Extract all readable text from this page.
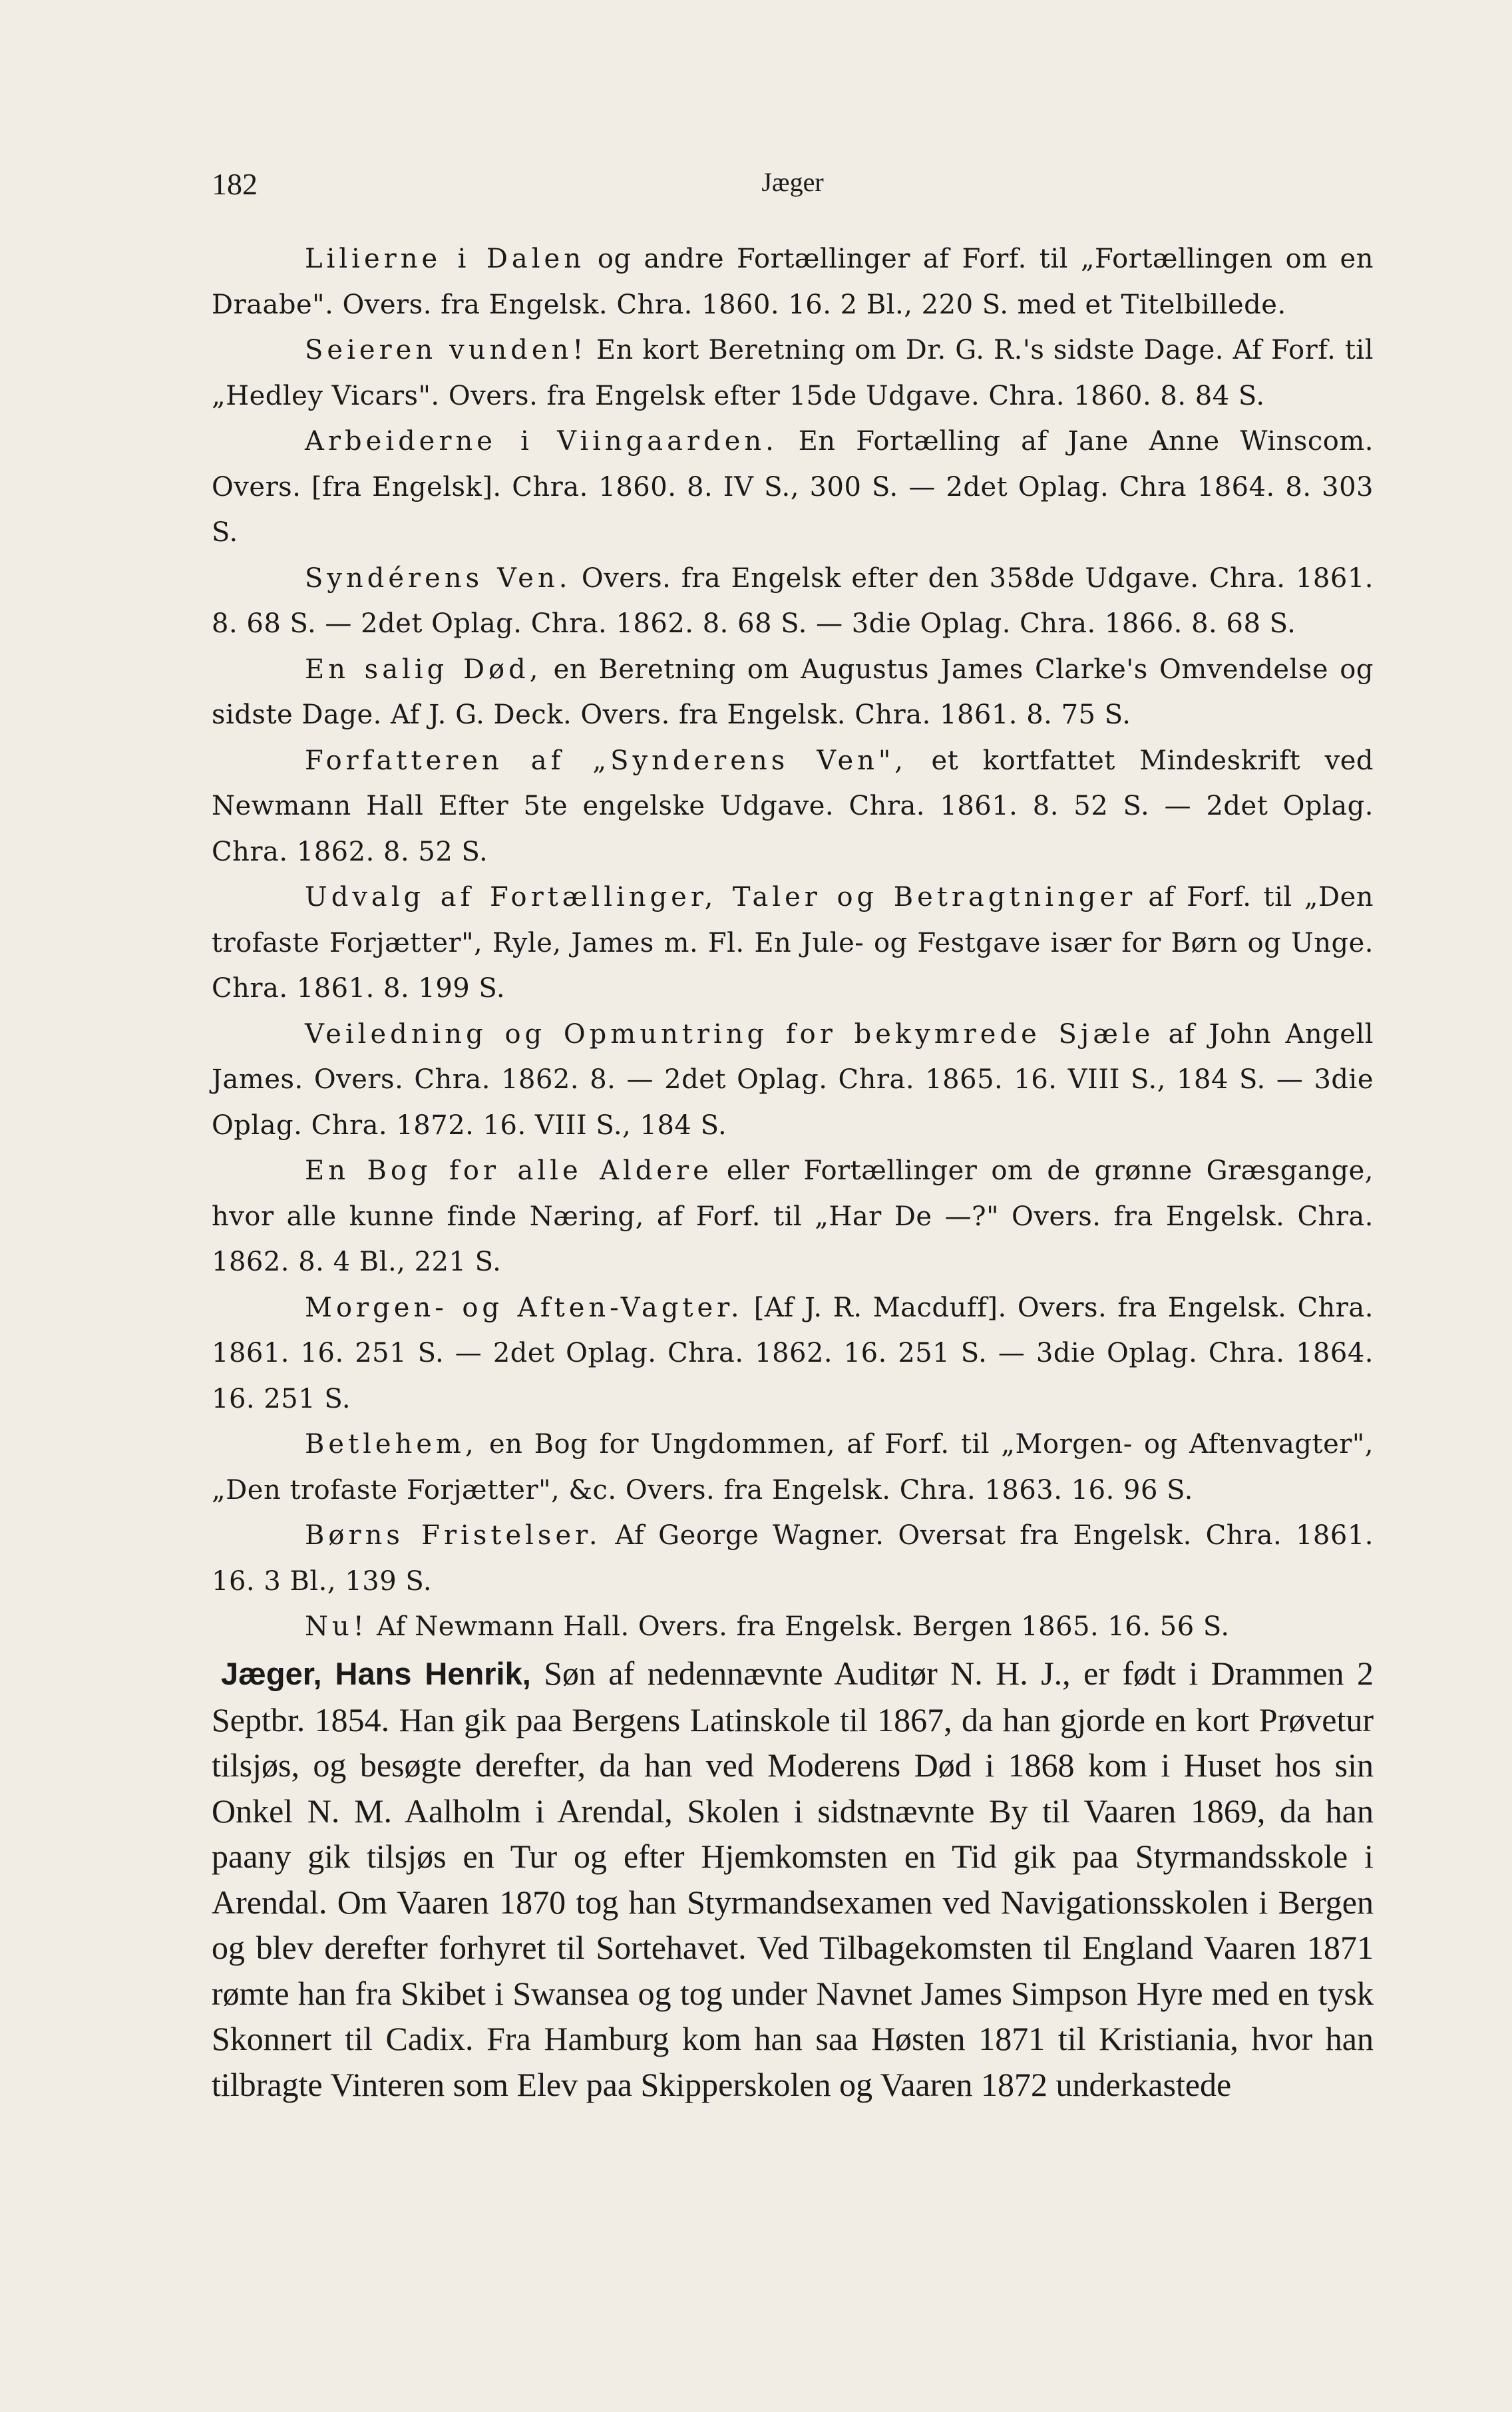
182	Jæger

Lilierne i Dalen og andre Fortællinger af Forf. til „Fortællingen om en Draabe". Overs. fra Engelsk. Chra. 1860. 16. 2 Bl., 220 S. med et Titelbillede.

Seieren vunden! En kort Beretning om Dr. G. R.'s sidste Dage. Af Forf. til „Hedley Vicars". Overs. fra Engelsk efter 15de Udgave. Chra. 1860. 8. 84 S.

Arbeiderne i Viingaarden. En Fortælling af Jane Anne Winscom. Overs. [fra Engelsk]. Chra. 1860. 8. IV S., 300 S. — 2det Oplag. Chra 1864. 8. 303 S.

Syndérens Ven. Overs. fra Engelsk efter den 358de Udgave. Chra. 1861. 8. 68 S. — 2det Oplag. Chra. 1862. 8. 68 S. — 3die Oplag. Chra. 1866. 8. 68 S.

En salig Død, en Beretning om Augustus James Clarke's Omvendelse og sidste Dage. Af J. G. Deck. Overs. fra Engelsk. Chra. 1861. 8. 75 S.

Forfatteren af „Synderens Ven", et kortfattet Mindeskrift ved Newmann Hall Efter 5te engelske Udgave. Chra. 1861. 8. 52 S. — 2det Oplag. Chra. 1862. 8. 52 S.

Udvalg af Fortællinger, Taler og Betragtninger af Forf. til „Den trofaste Forjætter", Ryle, James m. Fl. En Jule- og Festgave især for Børn og Unge. Chra. 1861. 8. 199 S.

Veiledning og Opmuntring for bekymrede Sjæle af John Angell James. Overs. Chra. 1862. 8. — 2det Oplag. Chra. 1865. 16. VIII S., 184 S. — 3die Oplag. Chra. 1872. 16. VIII S., 184 S.

En Bog for alle Aldere eller Fortællinger om de grønne Græsgange, hvor alle kunne finde Næring, af Forf. til „Har De —?" Overs. fra Engelsk. Chra. 1862. 8. 4 Bl., 221 S.

Morgen- og Aften-Vagter. [Af J. R. Macduff]. Overs. fra Engelsk. Chra. 1861. 16. 251 S. — 2det Oplag. Chra. 1862. 16. 251 S. — 3die Oplag. Chra. 1864. 16. 251 S.

Betlehem, en Bog for Ungdommen, af Forf. til „Morgen- og Aftenvagter", „Den trofaste Forjætter", &c. Overs. fra Engelsk. Chra. 1863. 16. 96 S.

Børns Fristelser. Af George Wagner. Oversat fra Engelsk. Chra. 1861. 16. 3 Bl., 139 S.

Nu! Af Newmann Hall. Overs. fra Engelsk. Bergen 1865. 16. 56 S.

Jæger, Hans Henrik, Søn af nedennævnte Auditør N. H. J., er født i Drammen 2 Septbr. 1854. Han gik paa Bergens Latinskole til 1867, da han gjorde en kort Prøvetur tilsjøs, og besøgte derefter, da han ved Moderens Død i 1868 kom i Huset hos sin Onkel N. M. Aalholm i Arendal, Skolen i sidstnævnte By til Vaaren 1869, da han paany gik tilsjøs en Tur og efter Hjemkomsten en Tid gik paa Styrmandsskole i Arendal. Om Vaaren 1870 tog han Styrmandsexamen ved Navigationsskolen i Bergen og blev derefter forhyret til Sortehavet. Ved Tilbagekomsten til England Vaaren 1871 rømte han fra Skibet i Swansea og tog under Navnet James Simpson Hyre med en tysk Skonnert til Cadix. Fra Hamburg kom han saa Høsten 1871 til Kristiania, hvor han tilbragte Vinteren som Elev paa Skipperskolen og Vaaren 1872 underkastede
